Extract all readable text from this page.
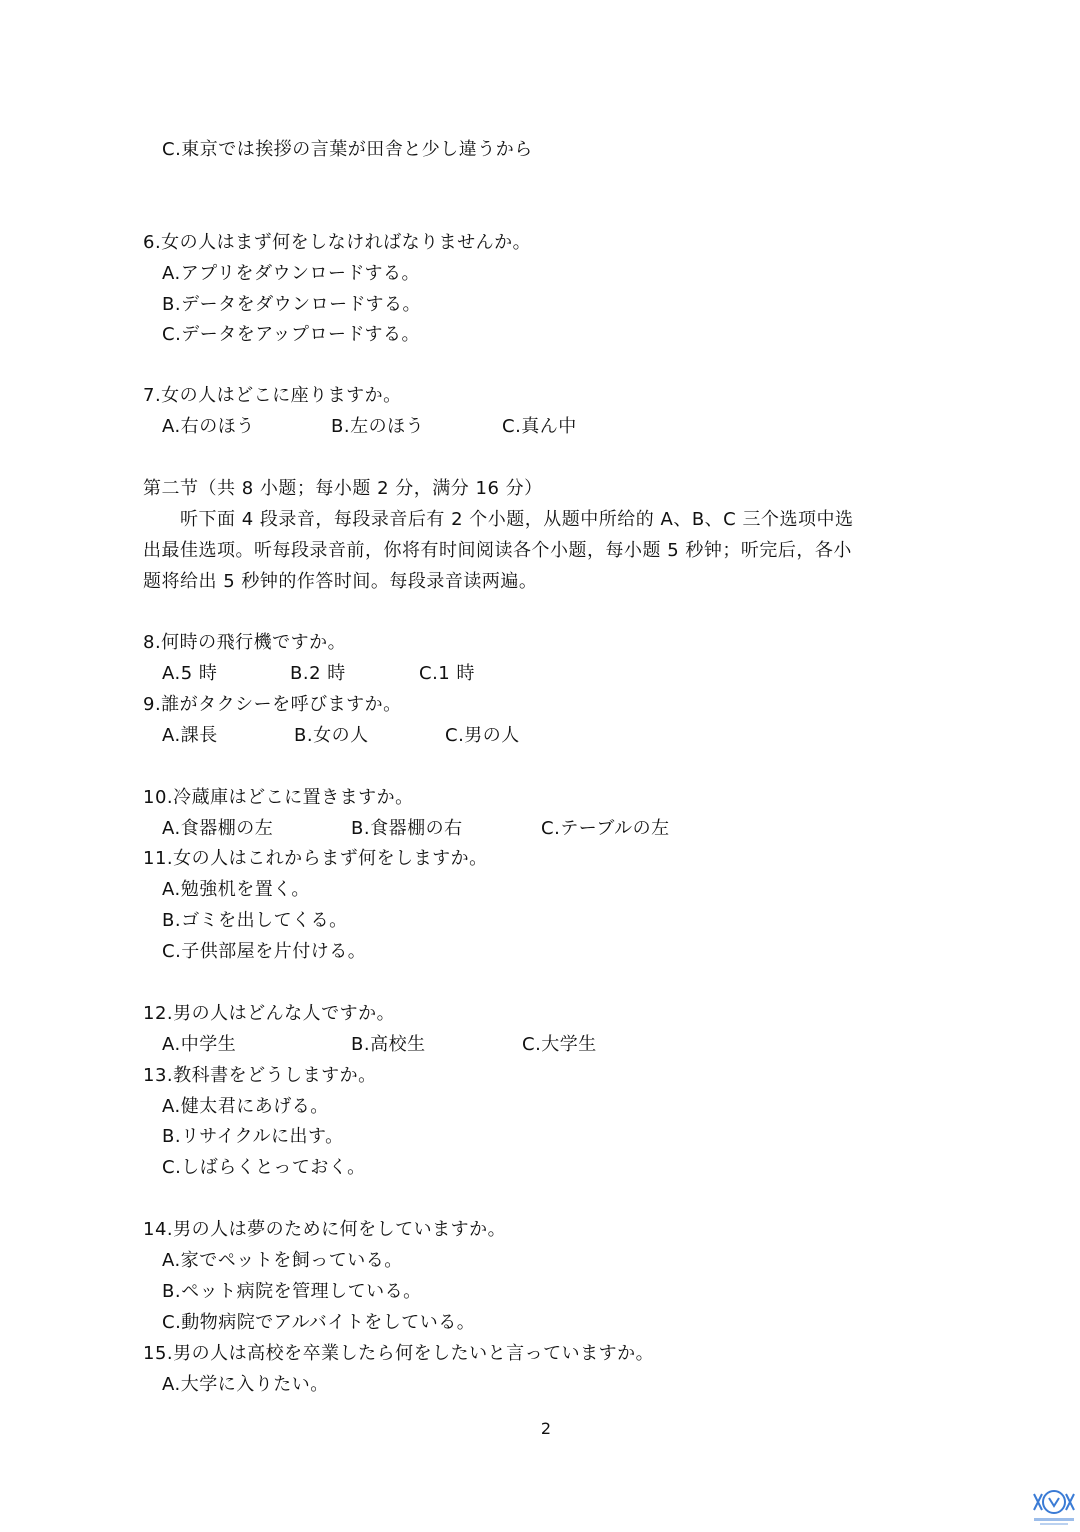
C.東京では挨拶の言葉が田舎と少し違うから
6.女の人はまず何をしなければなりませんか。
A.アプリをダウンロードする。
B.データをダウンロードする。
C.データをアップロードする。
7.女の人はどこに座りますか。
A.右のほう	B.左のほう	C.真ん中
第二节（共 8 小题；每小题 2 分，满分 16 分）
听下面 4 段录音，每段录音后有 2 个小题，从题中所给的 A、B、C 三个选项中选
出最佳选项。听每段录音前，你将有时间阅读各个小题，每小题 5 秒钟；听完后，各小
题将给出 5 秒钟的作答时间。每段录音读两遍。
8.何時の飛行機ですか。
A.5 時	B.2 時	C.1 時
9.誰がタクシーを呼びますか。
A.課長	B.女の人	C.男の人
10.冷蔵庫はどこに置きますか。
A.食器棚の左	B.食器棚の右	C.テーブルの左
11.女の人はこれからまず何をしますか。
A.勉強机を置く。
B.ゴミを出してくる。
C.子供部屋を片付ける。
12.男の人はどんな人ですか。
A.中学生	B.高校生	C.大学生
13.教科書をどうしますか。
A.健太君にあげる。
B.リサイクルに出す。
C.しばらくとっておく。
14.男の人は夢のために何をしていますか。
A.家でペットを飼っている。
B.ペット病院を管理している。
C.動物病院でアルバイトをしている。
15.男の人は高校を卒業したら何をしたいと言っていますか。
A.大学に入りたい。
2
